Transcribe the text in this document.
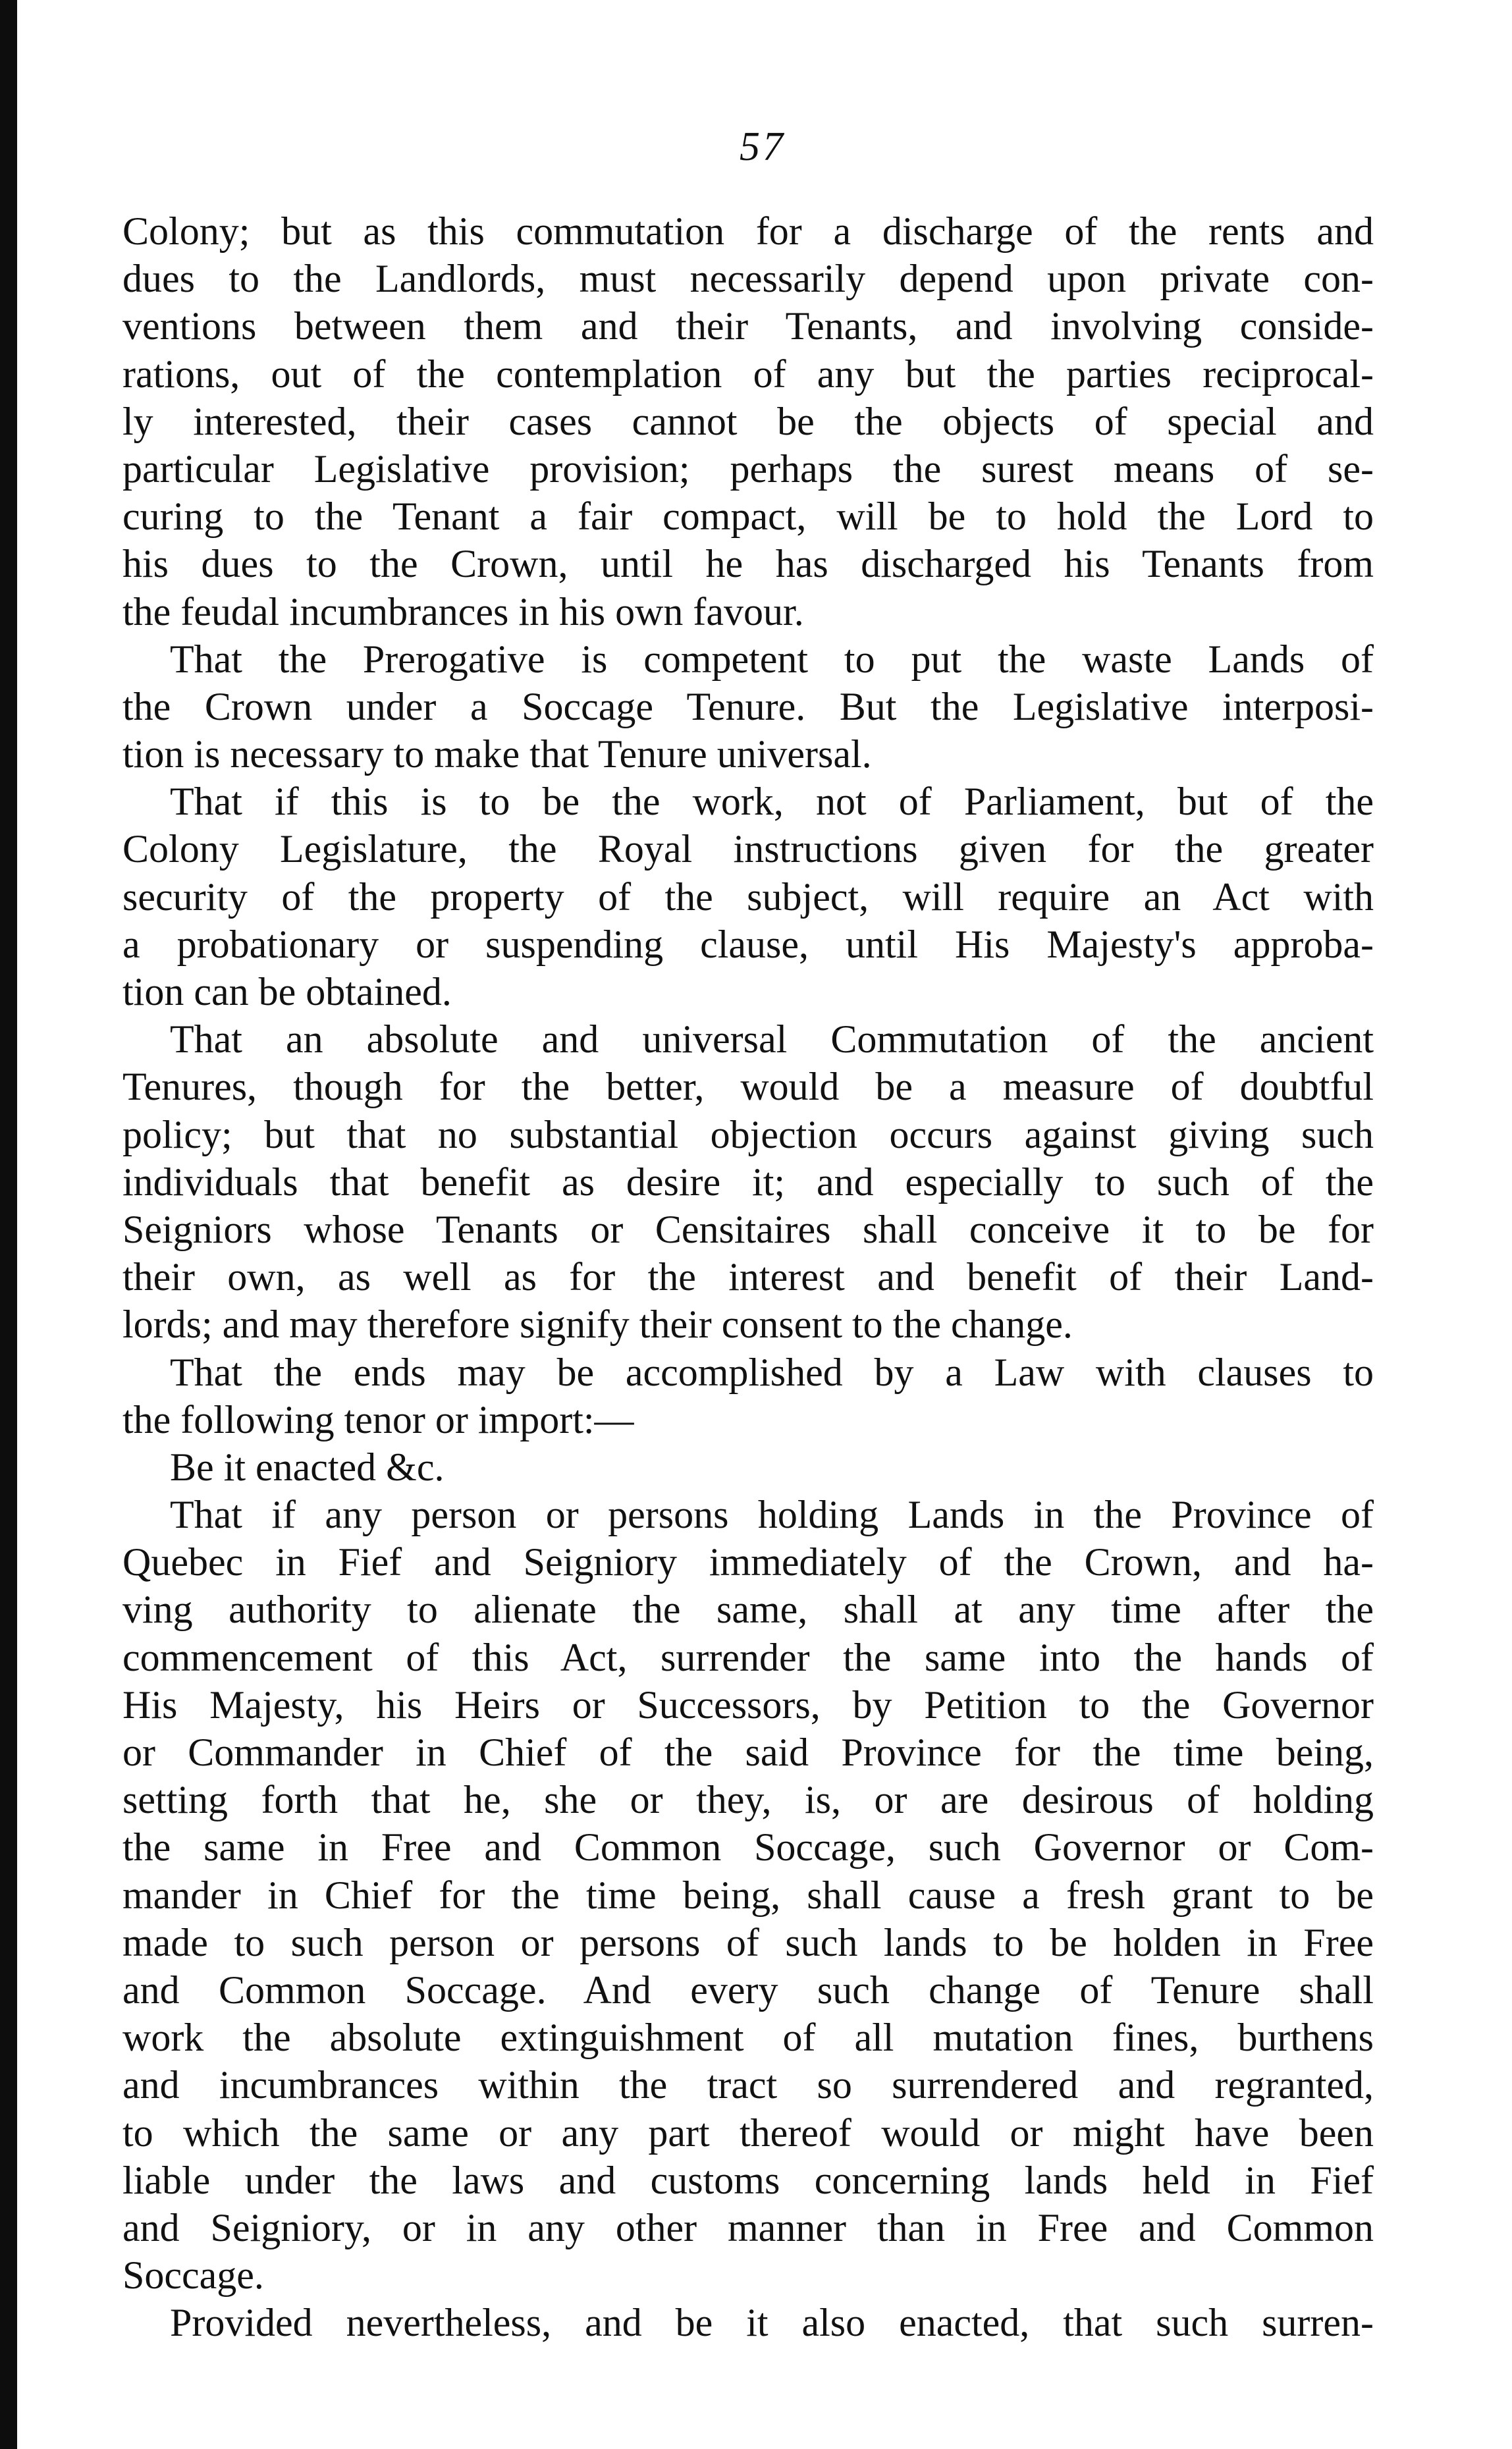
57
Colony; but as this commutation for a discharge of the rents and
dues to the Landlords, must necessarily depend upon private con-
ventions between them and their Tenants, and involving conside-
rations, out of the contemplation of any but the parties reciprocal-
ly interested, their cases cannot be the objects of special and
particular Legislative provision; perhaps the surest means of se-
curing to the Tenant a fair compact, will be to hold the Lord to
his dues to the Crown, until he has discharged his Tenants from
the feudal incumbrances in his own favour.
That the Prerogative is competent to put the waste Lands of
the Crown under a Soccage Tenure. But the Legislative interposi-
tion is necessary to make that Tenure universal.
That if this is to be the work, not of Parliament, but of the
Colony Legislature, the Royal instructions given for the greater
security of the property of the subject, will require an Act with
a probationary or suspending clause, until His Majesty's approba-
tion can be obtained.
That an absolute and universal Commutation of the ancient
Tenures, though for the better, would be a measure of doubtful
policy; but that no substantial objection occurs against giving such
individuals that benefit as desire it; and especially to such of the
Seigniors whose Tenants or Censitaires shall conceive it to be for
their own, as well as for the interest and benefit of their Land-
lords; and may therefore signify their consent to the change.
That the ends may be accomplished by a Law with clauses to
the following tenor or import:—
Be it enacted &c.
That if any person or persons holding Lands in the Province of
Quebec in Fief and Seigniory immediately of the Crown, and ha-
ving authority to alienate the same, shall at any time after the
commencement of this Act, surrender the same into the hands of
His Majesty, his Heirs or Successors, by Petition to the Governor
or Commander in Chief of the said Province for the time being,
setting forth that he, she or they, is, or are desirous of holding
the same in Free and Common Soccage, such Governor or Com-
mander in Chief for the time being, shall cause a fresh grant to be
made to such person or persons of such lands to be holden in Free
and Common Soccage. And every such change of Tenure shall
work the absolute extinguishment of all mutation fines, burthens
and incumbrances within the tract so surrendered and regranted,
to which the same or any part thereof would or might have been
liable under the laws and customs concerning lands held in Fief
and Seigniory, or in any other manner than in Free and Common
Soccage.
Provided nevertheless, and be it also enacted, that such surren-
